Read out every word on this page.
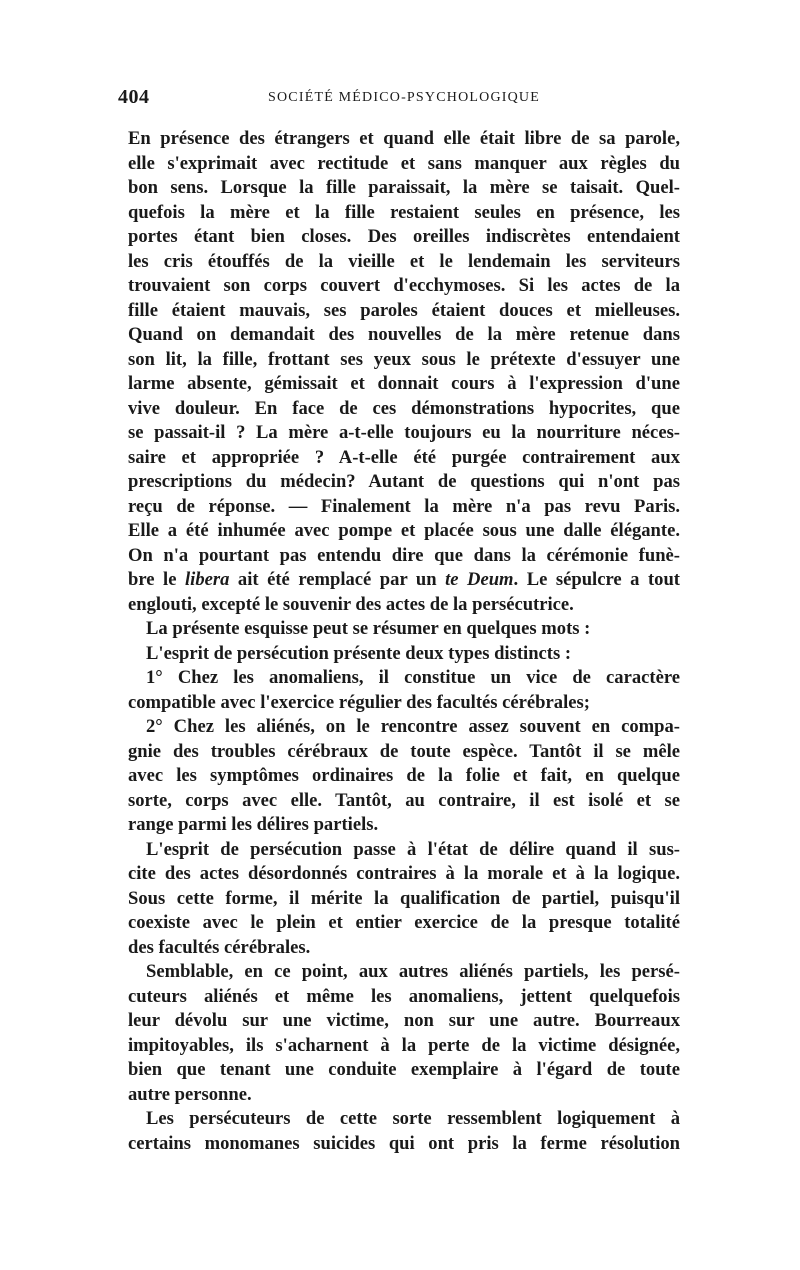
404	SOCIÉTÉ MÉDICO-PSYCHOLOGIQUE
En présence des étrangers et quand elle était libre de sa parole,
elle s'exprimait avec rectitude et sans manquer aux règles du
bon sens. Lorsque la fille paraissait, la mère se taisait. Quel-
quefois la mère et la fille restaient seules en présence, les
portes étant bien closes. Des oreilles indiscrètes entendaient
les cris étouffés de la vieille et le lendemain les serviteurs
trouvaient son corps couvert d'ecchymoses. Si les actes de la
fille étaient mauvais, ses paroles étaient douces et mielleuses.
Quand on demandait des nouvelles de la mère retenue dans
son lit, la fille, frottant ses yeux sous le prétexte d'essuyer une
larme absente, gémissait et donnait cours à l'expression d'une
vive douleur. En face de ces démonstrations hypocrites, que
se passait-il ? La mère a-t-elle toujours eu la nourriture néces-
saire et appropriée ? A-t-elle été purgée contrairement aux
prescriptions du médecin? Autant de questions qui n'ont pas
reçu de réponse. — Finalement la mère n'a pas revu Paris.
Elle a été inhumée avec pompe et placée sous une dalle élégante.
On n'a pourtant pas entendu dire que dans la cérémonie funè-
bre le libera ait été remplacé par un te Deum. Le sépulcre a tout
englouti, excepté le souvenir des actes de la persécutrice.
La présente esquisse peut se résumer en quelques mots :
L'esprit de persécution présente deux types distincts :
1° Chez les anomaliens, il constitue un vice de caractère
compatible avec l'exercice régulier des facultés cérébrales;
2° Chez les aliénés, on le rencontre assez souvent en compa-
gnie des troubles cérébraux de toute espèce. Tantôt il se mêle
avec les symptômes ordinaires de la folie et fait, en quelque
sorte, corps avec elle. Tantôt, au contraire, il est isolé et se
range parmi les délires partiels.
L'esprit de persécution passe à l'état de délire quand il sus-
cite des actes désordonnés contraires à la morale et à la logique.
Sous cette forme, il mérite la qualification de partiel, puisqu'il
coexiste avec le plein et entier exercice de la presque totalité
des facultés cérébrales.
Semblable, en ce point, aux autres aliénés partiels, les persé-
cuteurs aliénés et même les anomaliens, jettent quelquefois
leur dévolu sur une victime, non sur une autre. Bourreaux
impitoyables, ils s'acharnent à la perte de la victime désignée,
bien que tenant une conduite exemplaire à l'égard de toute
autre personne.
Les persécuteurs de cette sorte ressemblent logiquement à
certains monomanes suicides qui ont pris la ferme résolution
